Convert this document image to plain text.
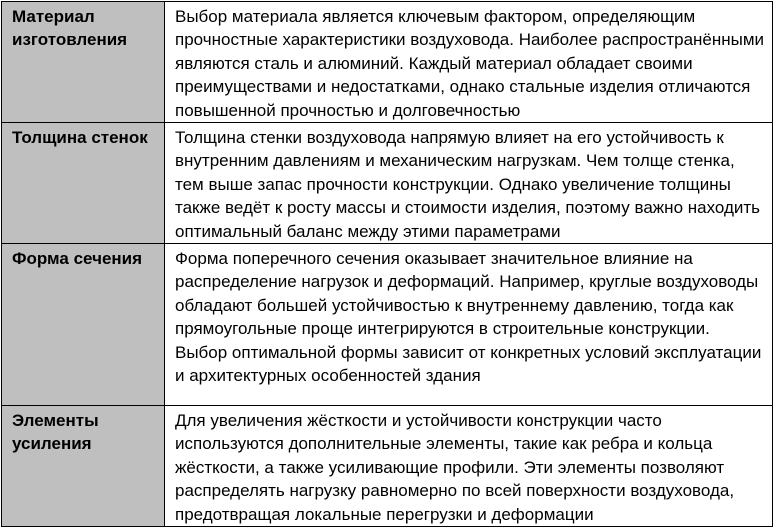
Материал изготовления	Выбор материала является ключевым фактором, определяющим прочностные характеристики воздуховода. Наиболее распространёнными являются сталь и алюминий. Каждый материал обладает своими преимуществами и недостатками, однако стальные изделия отличаются повышенной прочностью и долговечностью
Толщина стенок	Толщина стенки воздуховода напрямую влияет на его устойчивость к внутренним давлениям и механическим нагрузкам. Чем толще стенка, тем выше запас прочности конструкции. Однако увеличение толщины также ведёт к росту массы и стоимости изделия, поэтому важно находить оптимальный баланс между этими параметрами
Форма сечения	Форма поперечного сечения оказывает значительное влияние на распределение нагрузок и деформаций. Например, круглые воздуховоды обладают большей устойчивостью к внутреннему давлению, тогда как прямоугольные проще интегрируются в строительные конструкции. Выбор оптимальной формы зависит от конкретных условий эксплуатации и архитектурных особенностей здания
Элементы усиления	Для увеличения жёсткости и устойчивости конструкции часто используются дополнительные элементы, такие как ребра и кольца жёсткости, а также усиливающие профили. Эти элементы позволяют распределять нагрузку равномерно по всей поверхности воздуховода, предотвращая локальные перегрузки и деформации
